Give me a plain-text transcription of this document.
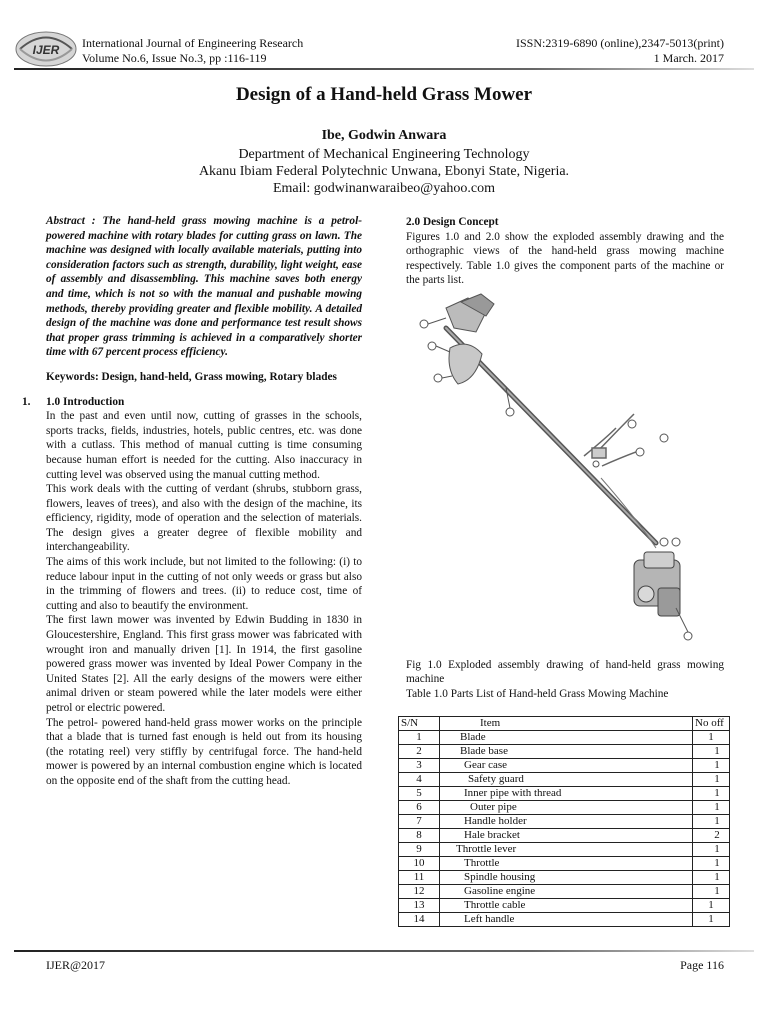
IJER International Journal of Engineering Research
Volume No.6, Issue No.3, pp :116-119
ISSN:2319-6890 (online),2347-5013(print)
1 March. 2017
Design of a Hand-held Grass Mower
Ibe, Godwin Anwara
Department of Mechanical Engineering Technology
Akanu Ibiam Federal Polytechnic Unwana, Ebonyi State, Nigeria.
Email: godwinanwaraibeo@yahoo.com
Abstract : The hand-held grass mowing machine is a petrol-powered machine with rotary blades for cutting grass on lawn. The machine was designed with locally available materials, putting into consideration factors such as strength, durability, light weight, ease of assembly and disassembling. This machine saves both energy and time, which is not so with the manual and pushable mowing methods, thereby providing greater and flexible mobility. A detailed design of the machine was done and performance test result shows that proper grass trimming is achieved in a comparatively shorter time with 67 percent process efficiency.
Keywords: Design, hand-held, Grass mowing, Rotary blades
1. 1.0 Introduction

In the past and even until now, cutting of grasses in the schools, sports tracks, fields, industries, hotels, public centres, etc. was done with a cutlass. This method of manual cutting is time consuming because human effort is needed for the cutting. Also inaccuracy in cutting level was observed using the manual cutting method.

This work deals with the cutting of verdant (shrubs, stubborn grass, flowers, leaves of trees), and also with the design of the machine, its efficiency, rigidity, mode of operation and the selection of materials. The design gives a greater degree of flexible mobility and interchangeability.

The aims of this work include, but not limited to the following: (i) to reduce labour input in the cutting of not only weeds or grass but also in the trimming of flowers and trees. (ii) to reduce cost, time of cutting and also to beautify the environment.

The first lawn mower was invented by Edwin Budding in 1830 in Gloucestershire, England. This first grass mower was fabricated with wrought iron and manually driven [1]. In 1914, the first gasoline powered grass mower was invented by Ideal Power Company in the United States [2]. All the early designs of the mowers were either animal driven or steam powered while the later models were either petrol or electric powered.

The petrol- powered hand-held grass mower works on the principle that a blade that is turned fast enough is held out from its housing (the rotating reel) very stiffly by centrifugal force. The hand-held mower is powered by an internal combustion engine which is located on the opposite end of the shaft from the cutting head.

2.0 Design Concept

Figures 1.0 and 2.0 show the exploded assembly drawing and the orthographic views of the hand-held grass mowing machine respectively. Table 1.0 gives the component parts of the machine or the parts list.

Fig 1.0 Exploded assembly drawing of hand-held grass mowing machine
Table 1.0 Parts List of Hand-held Grass Mowing Machine
S/N	Item	No off
1	Blade	1
2	Blade base	1
3	Gear case	1
4	Safety guard	1
5	Inner pipe with thread	1
6	Outer pipe	1
7	Handle holder	1
8	Hale bracket	2
9	Throttle lever	1
10	Throttle	1
11	Spindle housing	1
12	Gasoline engine	1
13	Throttle cable	1
14	Left handle	1
IJER@2017	Page 116
